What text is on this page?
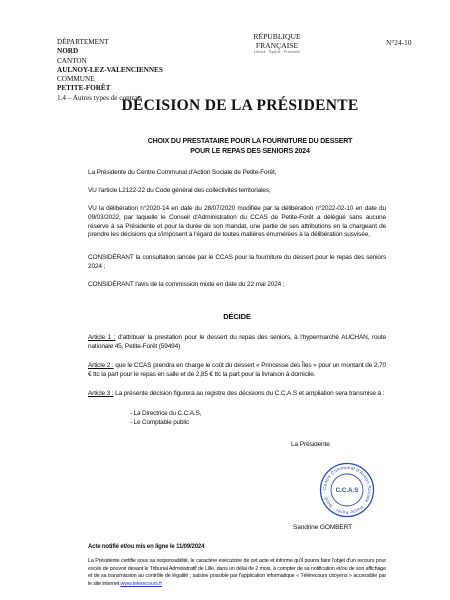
DÉPARTEMENT
NORD
CANTON
AULNOY-LEZ-VALENCIENNES
COMMUNE
PETITE-FORÊT
1.4 – Autres types de contrats
RÉPUBLIQUE FRANÇAISE
Liberté · Égalité · Fraternité
N°24-10
DÉCISION DE LA PRÉSIDENTE
CHOIX DU PRESTATAIRE POUR LA FOURNITURE DU DESSERT
POUR LE REPAS DES SENIORS 2024
La Présidente du Centre Communal d'Action Sociale de Petite-Forêt,
VU l'article L2122-22 du Code général des collectivités territoriales,
VU la délibération n°2020-14 en date du 28/07/2020 modifiée par la délibération n°2022-02-10 en date du 09/03/2022, par laquelle le Conseil d'Administration du CCAS de Petite-Forêt a délégué sans aucune réserve à sa Présidente et pour la durée de son mandat, une partie de ses attributions en la chargeant de prendre les décisions qui s'imposent à l'égard de toutes matières énumérées à la délibération susvisée,
CONSIDÉRANT la consultation lancée par le CCAS pour la fourniture du dessert pour le repas des seniors 2024 ;
CONSIDÉRANT l'avis de la commission mixte en date du 22 mai 2024 ;
DÉCIDE
Article 1 : d'attribuer la prestation pour le dessert du repas des seniors, à l'hypermarché AUCHAN, route nationale 45, Petite-Forêt (59494)
Article 2 : que le CCAS prendra en charge le coût du dessert « Princesse des Îles » pour un montant de 2,70 € ttc la part pour le repas en salle et de 2,85 € ttc la part pour la livraison à domicile.
Article 3 : La présente décision figurera au registre des décisions du C.C.A.S et ampliation sera transmise à :
- La Directrice du C.C.A.S,
- Le Comptable public
La Présidente
Centre Communal d'Action Sociale · Petite Forêt · Nord ·
C.C.A.S
Sandrine GOMBERT
Acte notifié et/ou mis en ligne le 11/09/2024
La Présidente certifie sous sa responsabilité, le caractère exécutoire de cet acte et informe qu'il pourra faire l'objet d'un recours pour excès de pouvoir devant le Tribunal Administratif de Lille, dans un délai de 2 mois, à compter de sa notification et/ou de son affichage et de sa transmission au contrôle de légalité ; saisine possible par l'application informatique « Télérecours citoyens » accessible par le site internet www.telerecours.fr
